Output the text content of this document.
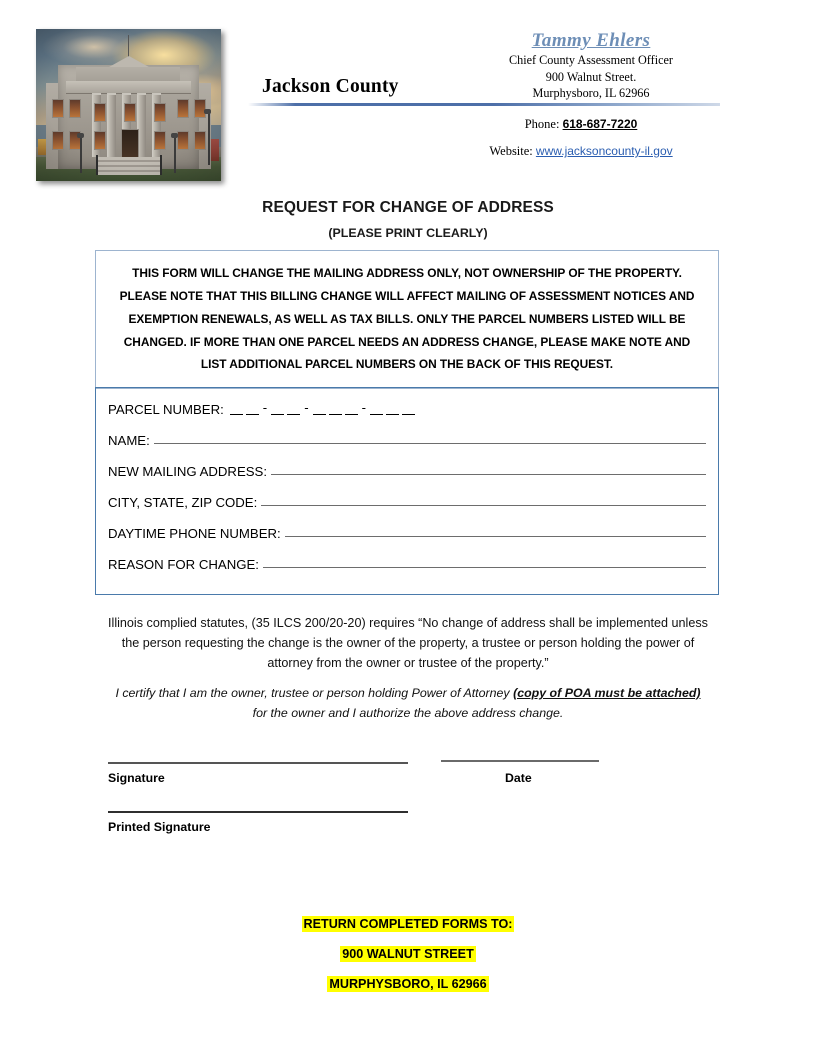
Jackson County
Tammy Ehlers
Chief County Assessment Officer
900 Walnut Street.
Murphysboro, IL 62966
Phone: 618-687-7220
Website: www.jacksoncounty-il.gov
REQUEST FOR CHANGE OF ADDRESS
(PLEASE PRINT CLEARLY)
THIS FORM WILL CHANGE THE MAILING ADDRESS ONLY, NOT OWNERSHIP OF THE PROPERTY. PLEASE NOTE THAT THIS BILLING CHANGE WILL AFFECT MAILING OF ASSESSMENT NOTICES AND EXEMPTION RENEWALS, AS WELL AS TAX BILLS. ONLY THE PARCEL NUMBERS LISTED WILL BE CHANGED. IF MORE THAN ONE PARCEL NEEDS AN ADDRESS CHANGE, PLEASE MAKE NOTE AND LIST ADDITIONAL PARCEL NUMBERS ON THE BACK OF THIS REQUEST.
PARCEL NUMBER:	-	-	-
NAME:
NEW MAILING ADDRESS:
CITY, STATE, ZIP CODE:
DAYTIME PHONE NUMBER:
REASON FOR CHANGE:
Illinois complied statutes, (35 ILCS 200/20-20) requires “No change of address shall be implemented unless the person requesting the change is the owner of the property, a trustee or person holding the power of attorney from the owner or trustee of the property.”
I certify that I am the owner, trustee or person holding Power of Attorney (copy of POA must be attached) for the owner and I authorize the above address change.
Signature	Date
Printed Signature
RETURN COMPLETED FORMS TO:
900 WALNUT STREET
MURPHYSBORO, IL 62966
